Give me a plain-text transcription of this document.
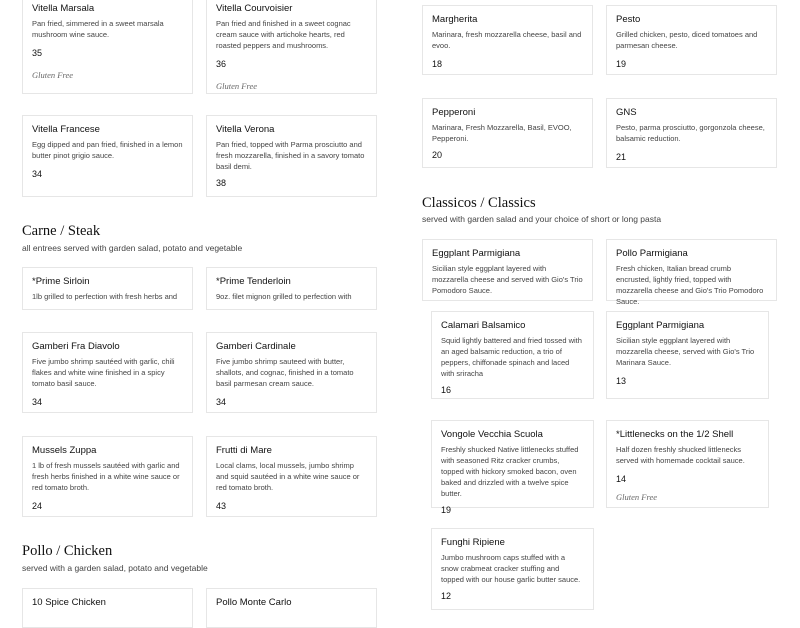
Vitella Marsala
Pan fried, simmered in a sweet marsala mushroom wine sauce.
35
Gluten Free
Vitella Courvoisier
Pan fried and finished in a sweet cognac cream sauce with artichoke hearts, red roasted peppers and mushrooms.
36
Gluten Free
Vitella Francese
Egg dipped and pan fried, finished in a lemon butter pinot grigio sauce.
34
Vitella Verona
Pan fried, topped with Parma prosciutto and fresh mozzarella, finished in a savory tomato basil demi.
38
Carne / Steak
all entrees served with garden salad, potato and vegetable
*Prime Sirloin
1lb grilled to perfection with fresh herbs and
*Prime Tenderloin
9oz. filet mignon grilled to perfection with
Gamberi Fra Diavolo
Five jumbo shrimp sautéed with garlic, chili flakes and white wine finished in a spicy tomato basil sauce.
34
Gamberi Cardinale
Five jumbo shrimp sauteed with butter, shallots, and cognac, finished in a tomato basil parmesan cream sauce.
34
Mussels Zuppa
1 lb of fresh mussels sautéed with garlic and fresh herbs finished in a white wine sauce or red tomato broth.
24
Frutti di Mare
Local clams, local mussels, jumbo shrimp and squid sautéed in a white wine sauce or red tomato broth.
43
Pollo / Chicken
served with a garden salad, potato and vegetable
10 Spice Chicken	Pollo Monte Carlo
Margherita
Marinara, fresh mozzarella cheese, basil and evoo.
18
Pesto
Grilled chicken, pesto, diced tomatoes and parmesan cheese.
19
Pepperoni
Marinara, Fresh Mozzarella, Basil, EVOO, Pepperoni.
20
GNS
Pesto, parma prosciutto, gorgonzola cheese, balsamic reduction.
21
Classicos / Classics
served with garden salad and your choice of short or long pasta
Eggplant Parmigiana
Sicilian style eggplant layered with mozzarella cheese and served with Gio's Trio Pomodoro Sauce.
Pollo Parmigiana
Fresh chicken, Italian bread crumb encrusted, lightly fried, topped with mozzarella cheese and Gio's Trio Pomodoro Sauce.
Calamari Balsamico
Squid lightly battered and fried tossed with an aged balsamic reduction, a trio of peppers, chiffonade spinach and laced with sriracha
16
Eggplant Parmigiana
Sicilian style eggplant layered with mozzarella cheese, served with Gio's Trio Marinara Sauce.
13
Vongole Vecchia Scuola
Freshly shucked Native littlenecks stuffed with seasoned Ritz cracker crumbs, topped with hickory smoked bacon, oven baked and drizzled with a twelve spice butter.
19
*Littlenecks on the 1/2 Shell
Half dozen freshly shucked littlenecks served with homemade cocktail sauce.
14
Gluten Free
Funghi Ripiene
Jumbo mushroom caps stuffed with a snow crabmeat cracker stuffing and topped with our house garlic butter sauce.
12
